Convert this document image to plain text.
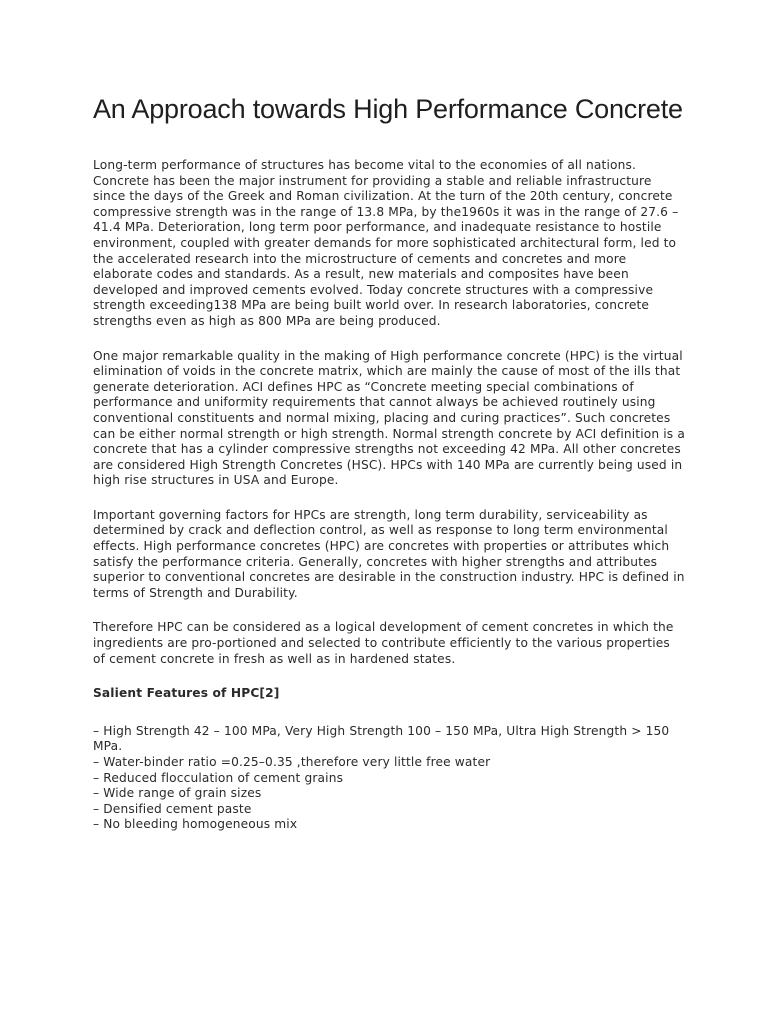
An Approach towards High Performance Concrete

Long-term performance of structures has become vital to the economies of all nations. Concrete has been the major instrument for providing a stable and reliable infrastructure since the days of the Greek and Roman civilization. At the turn of the 20th century, concrete compressive strength was in the range of 13.8 MPa, by the1960s it was in the range of 27.6 – 41.4 MPa. Deterioration, long term poor performance, and inadequate resistance to hostile environment, coupled with greater demands for more sophisticated architectural form, led to the accelerated research into the microstructure of cements and concretes and more elaborate codes and standards. As a result, new materials and composites have been developed and improved cements evolved. Today concrete structures with a compressive strength exceeding138 MPa are being built world over. In research laboratories, concrete strengths even as high as 800 MPa are being produced.

One major remarkable quality in the making of High performance concrete (HPC) is the virtual elimination of voids in the concrete matrix, which are mainly the cause of most of the ills that generate deterioration. ACI defines HPC as “Concrete meeting special combinations of performance and uniformity requirements that cannot always be achieved routinely using conventional constituents and normal mixing, placing and curing practices”. Such concretes can be either normal strength or high strength. Normal strength concrete by ACI definition is a concrete that has a cylinder compressive strengths not exceeding 42 MPa. All other concretes are considered High Strength Concretes (HSC). HPCs with 140 MPa are currently being used in high rise structures in USA and Europe.

Important governing factors for HPCs are strength, long term durability, serviceability as determined by crack and deflection control, as well as response to long term environmental effects. High performance concretes (HPC) are concretes with properties or attributes which satisfy the performance criteria. Generally, concretes with higher strengths and attributes superior to conventional concretes are desirable in the construction industry. HPC is defined in terms of Strength and Durability.

Therefore HPC can be considered as a logical development of cement concretes in which the ingredients are pro-portioned and selected to contribute efficiently to the various properties of cement concrete in fresh as well as in hardened states.

Salient Features of HPC[2]
– High Strength 42 – 100 MPa, Very High Strength 100 – 150 MPa, Ultra High Strength > 150 MPa.
– Water-binder ratio =0.25–0.35 ,therefore very little free water
– Reduced flocculation of cement grains
– Wide range of grain sizes
– Densified cement paste
– No bleeding homogeneous mix
